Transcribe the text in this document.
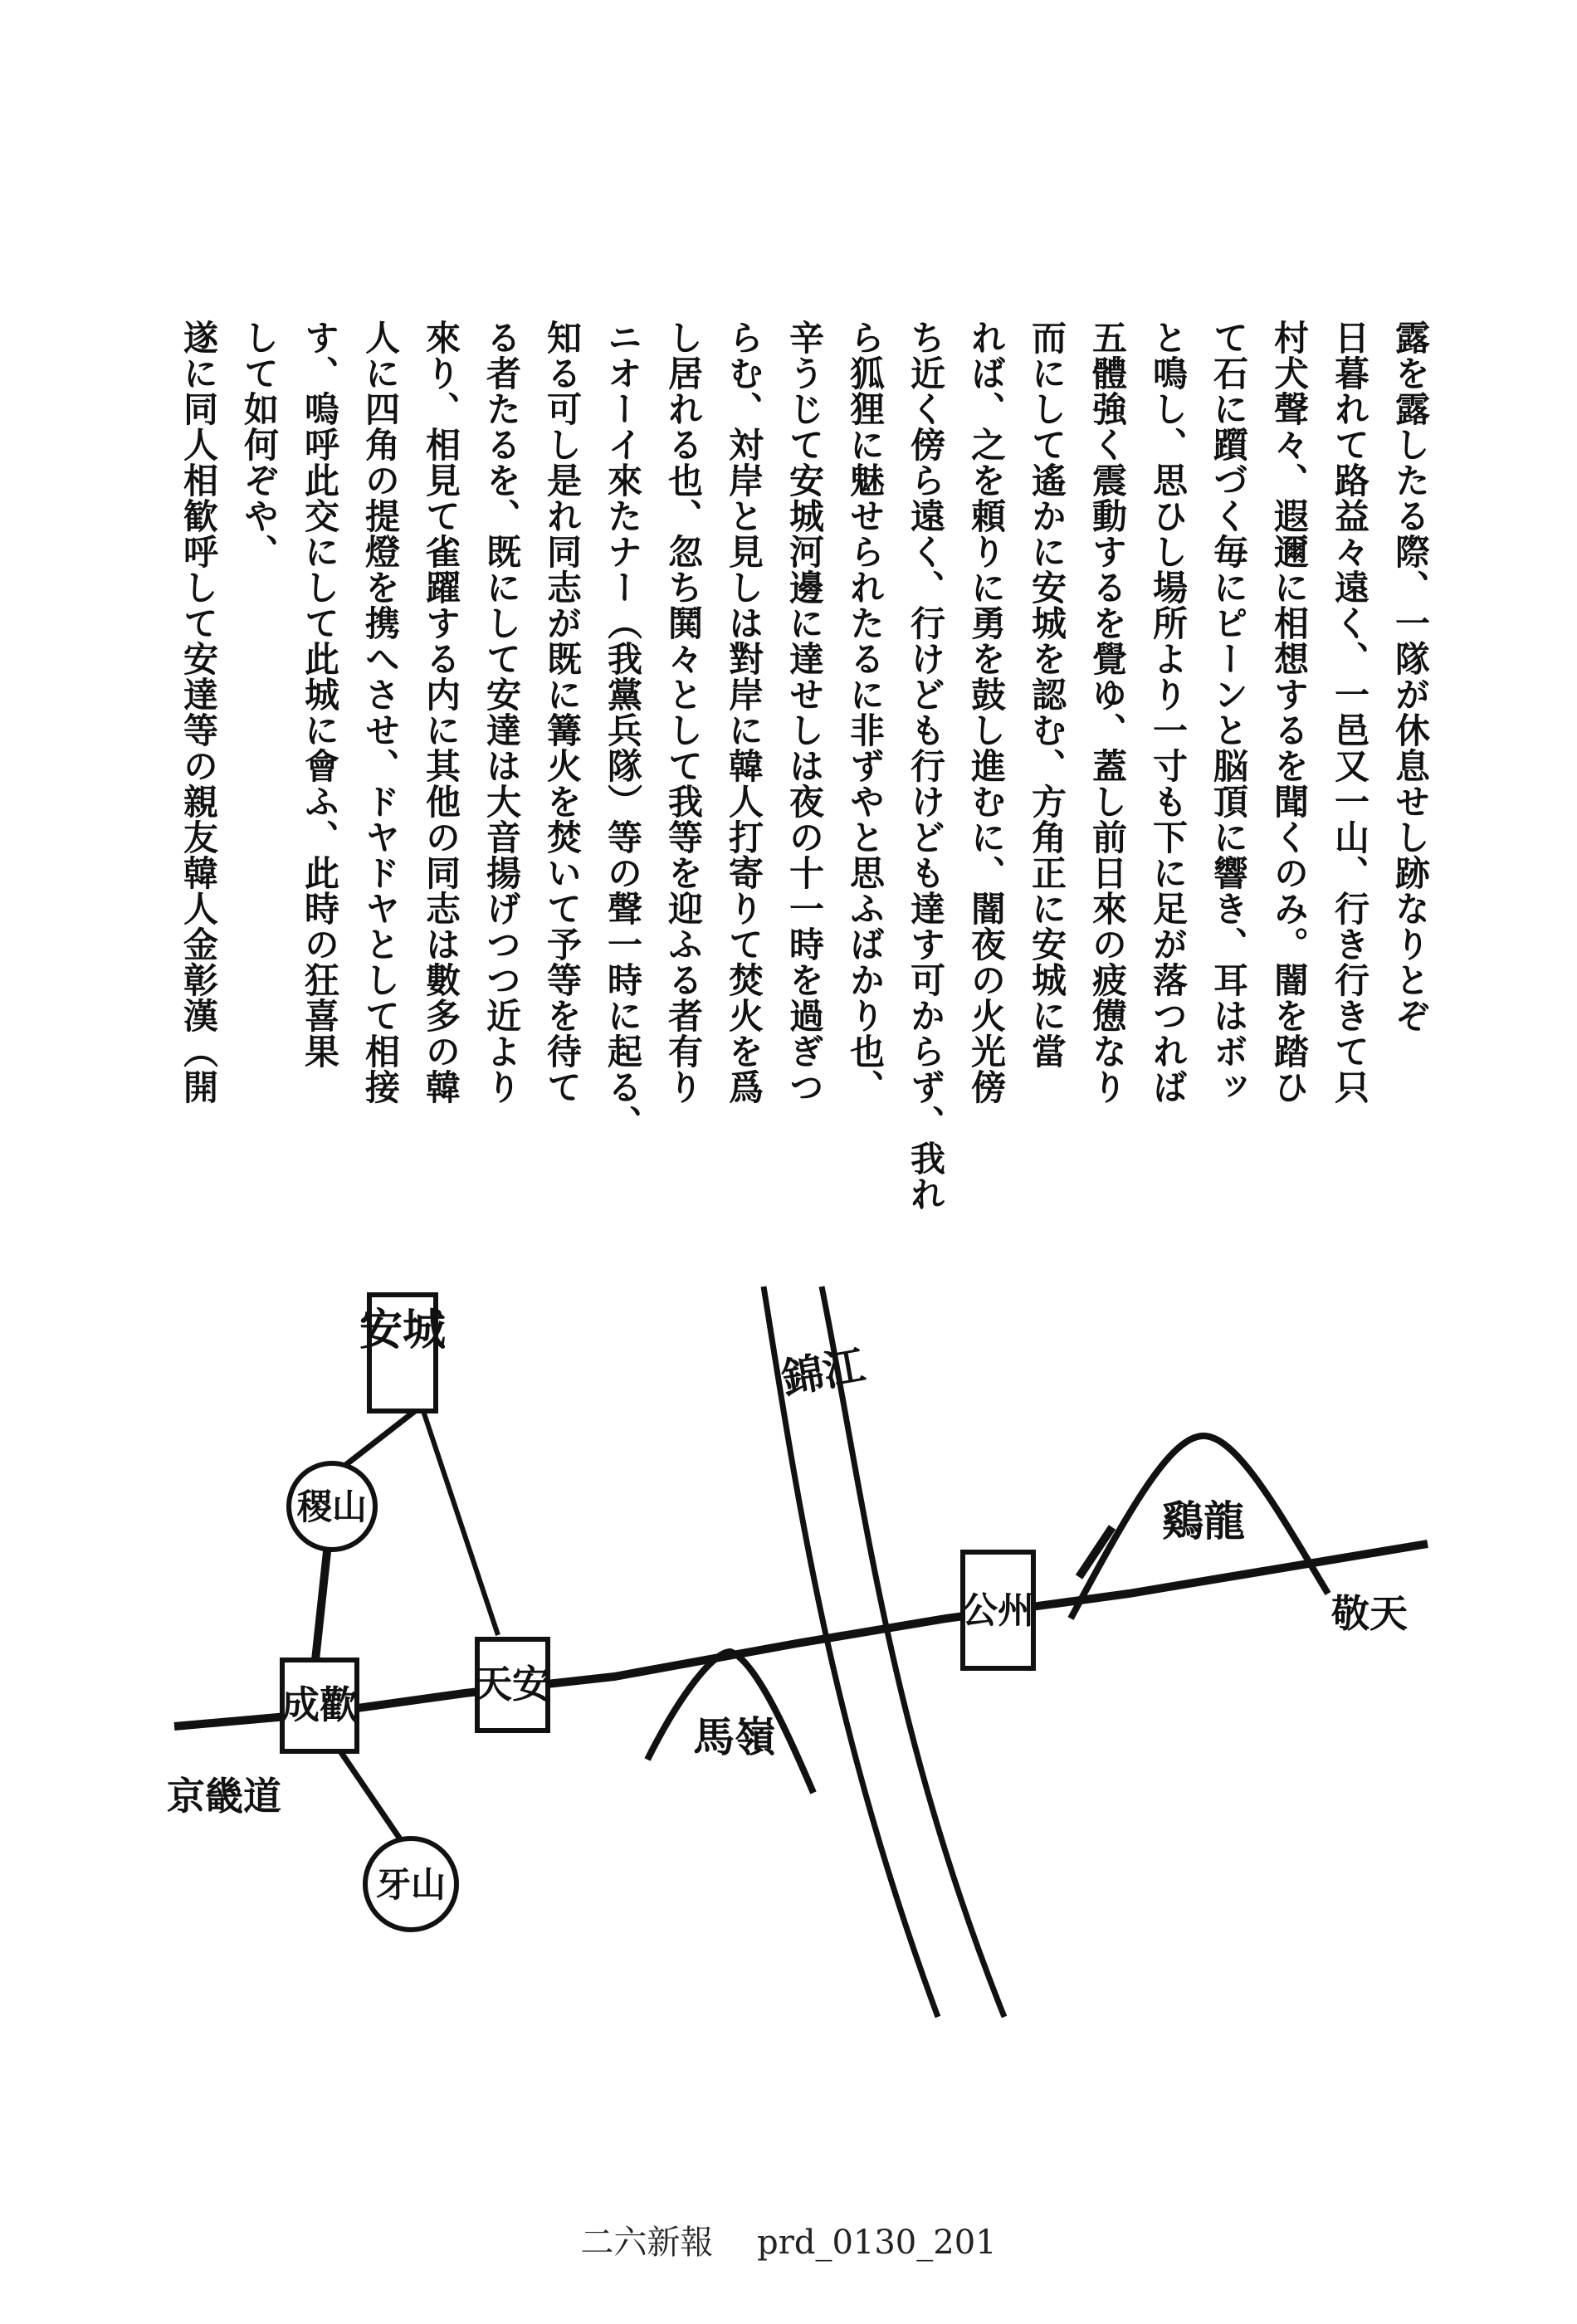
露を露したる際、一隊が休息せし跡なりとぞ
日暮れて路益々遠く、一邑又一山、行き行きて只
村犬聲々、遐邇に相想するを聞くのみ。闇を踏ひ
て石に躓づく毎にピーンと脳頂に響き、耳はボッ
と鳴し、思ひし場所より一寸も下に足が落つれば
五體強く震動するを覺ゆ、蓋し前日來の疲憊なり
而にして遙かに安城を認む、方角正に安城に當
れば、之を頼りに勇を鼓し進むに、闇夜の火光傍
ち近く傍ら遠く、行けども行けども達す可からず、我れ
ら狐狸に魅せられたるに非ずやと思ふばかり也、
辛うじて安城河邊に達せしは夜の十一時を過ぎつ
らむ、対岸と見しは對岸に韓人打寄りて焚火を爲
し居れる也、忽ち鬨々として我等を迎ふる者有り
ニオーイ來たナー（我黨兵隊）等の聲一時に起る、
知る可し是れ同志が既に篝火を焚いて予等を待て
る者たるを、既にして安達は大音揚げつつ近より
來り、相見て雀躍する内に其他の同志は數多の韓
人に四角の提燈を携へさせ、ドヤドヤとして相接
す、嗚呼此交にして此城に會ふ、此時の狂喜果
して如何ぞや、
遂に同人相歓呼して安達等の親友韓人金彰漢（開
安城
稷山
成歡	天安
牙山
公州
馬嶺
鷄龍
錦江
京畿道
敬天
二六新報 prd_0130_201
